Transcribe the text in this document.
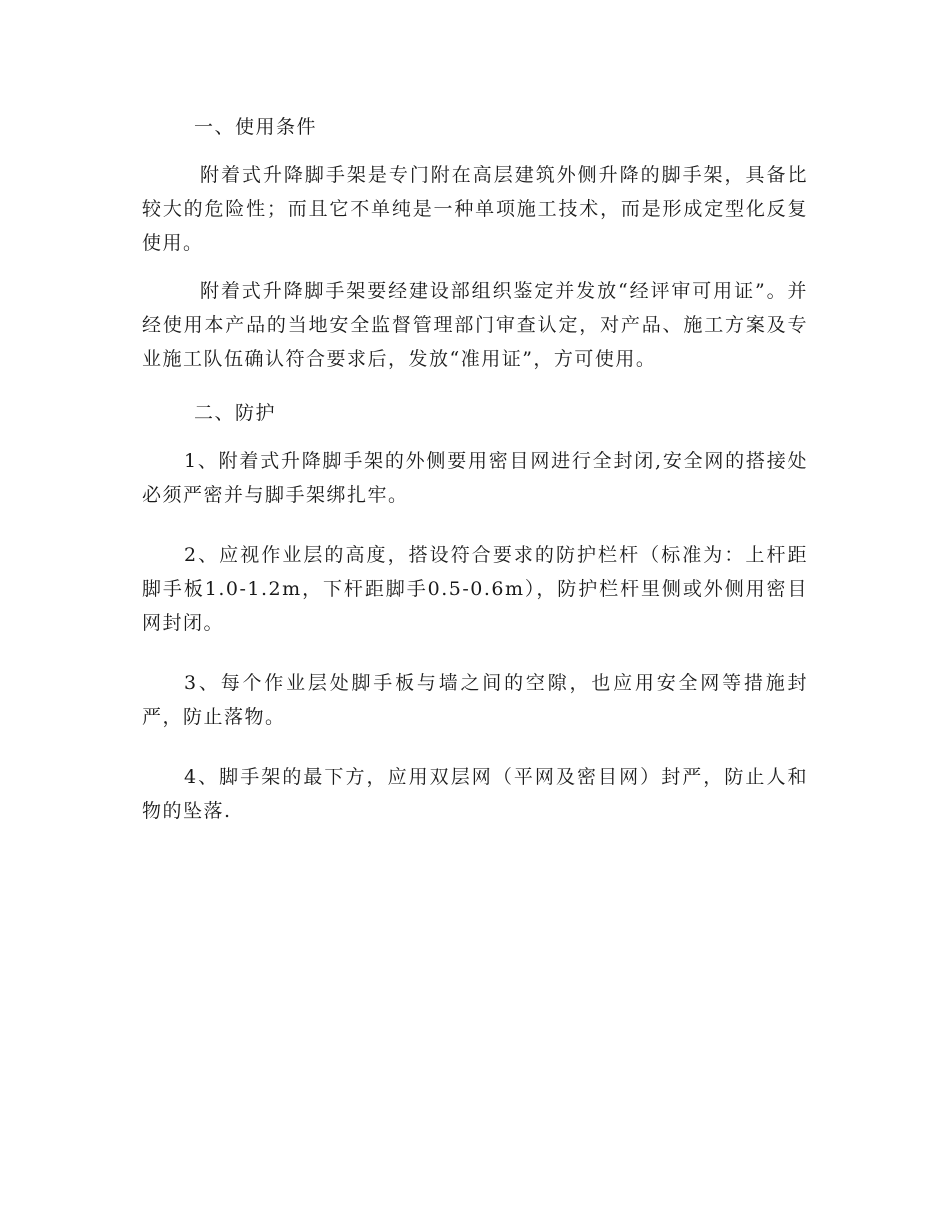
一、使用条件

附着式升降脚手架是专门附在高层建筑外侧升降的脚手架，具备比较大的危险性；而且它不单纯是一种单项施工技术，而是形成定型化反复使用。

附着式升降脚手架要经建设部组织鉴定并发放“经评审可用证”。并经使用本产品的当地安全监督管理部门审查认定，对产品、施工方案及专业施工队伍确认符合要求后，发放“准用证”，方可使用。

二、防护

1、附着式升降脚手架的外侧要用密目网进行全封闭,安全网的搭接处必须严密并与脚手架绑扎牢。

2、应视作业层的高度，搭设符合要求的防护栏杆（标准为：上杆距脚手板1.0-1.2m，下杆距脚手0.5-0.6m），防护栏杆里侧或外侧用密目网封闭。

3、每个作业层处脚手板与墙之间的空隙，也应用安全网等措施封严，防止落物。

4、脚手架的最下方，应用双层网（平网及密目网）封严，防止人和物的坠落.
